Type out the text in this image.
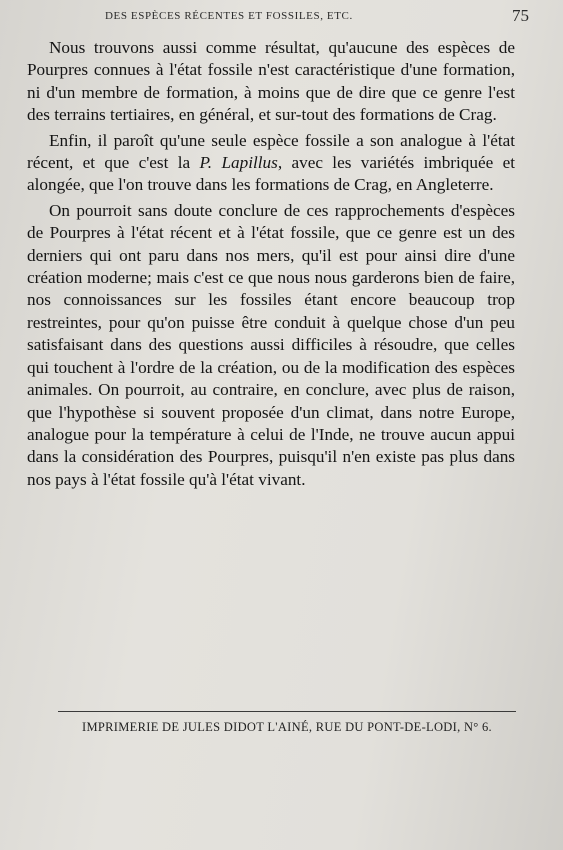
DES ESPÈCES RÉCENTES ET FOSSILES, ETC.	75

Nous trouvons aussi comme résultat, qu'aucune des espèces de Pourpres connues à l'état fossile n'est caractéristique d'une formation, ni d'un membre de formation, à moins que de dire que ce genre l'est des terrains tertiaires, en général, et sur-tout des formations de Crag.

Enfin, il paroît qu'une seule espèce fossile a son analogue à l'état récent, et que c'est la P. Lapillus, avec les variétés imbriquée et alongée, que l'on trouve dans les formations de Crag, en Angleterre.

On pourroit sans doute conclure de ces rapprochements d'espèces de Pourpres à l'état récent et à l'état fossile, que ce genre est un des derniers qui ont paru dans nos mers, qu'il est pour ainsi dire d'une création moderne; mais c'est ce que nous nous garderons bien de faire, nos connoissances sur les fossiles étant encore beaucoup trop restreintes, pour qu'on puisse être conduit à quelque chose d'un peu satisfaisant dans des questions aussi difficiles à résoudre, que celles qui touchent à l'ordre de la création, ou de la modification des espèces animales. On pourroit, au contraire, en conclure, avec plus de raison, que l'hypothèse si souvent proposée d'un climat, dans notre Europe, analogue pour la température à celui de l'Inde, ne trouve aucun appui dans la considération des Pourpres, puisqu'il n'en existe pas plus dans nos pays à l'état fossile qu'à l'état vivant.

IMPRIMERIE DE JULES DIDOT L'AINÉ, RUE DU PONT-DE-LODI, N° 6.
